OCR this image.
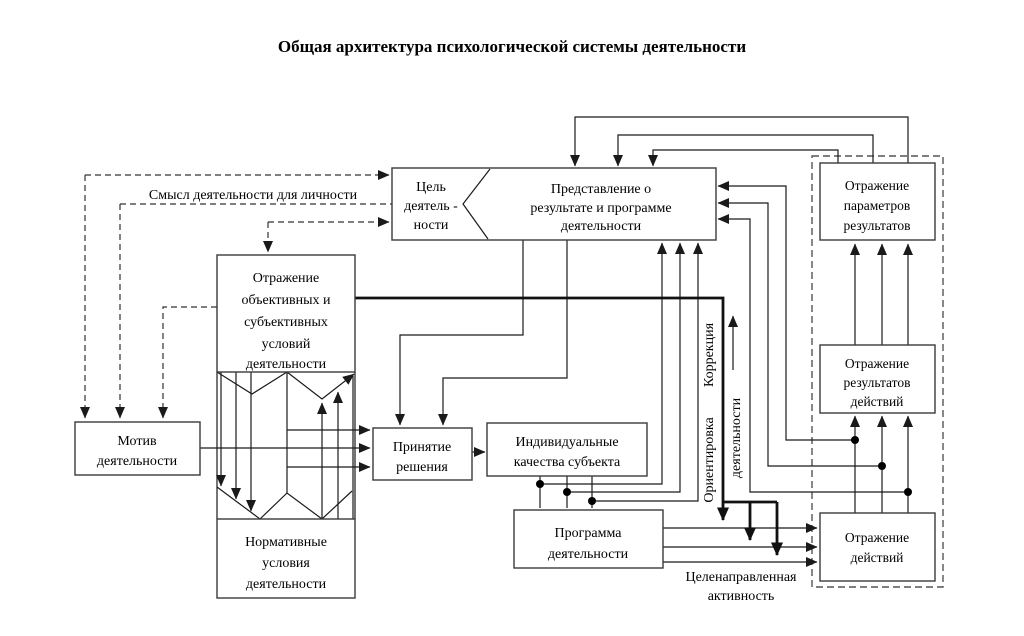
Общая архитектура психологической системы деятельности
Цель
деятель -
ности
Представление о
результате и программе
деятельности
Отражение
объективных и
субъективных
условий
деятельности
Мотив
деятельности
Принятие
решения
Индивидуальные
качества субъекта
Нормативные
условия
деятельности
Программа
деятельности
Отражение
параметров
результатов
Отражение
результатов
действий
Отражение
действий
Смысл деятельности для личности
Целенаправленная
активность
Коррекция
Ориентировка деятельности
